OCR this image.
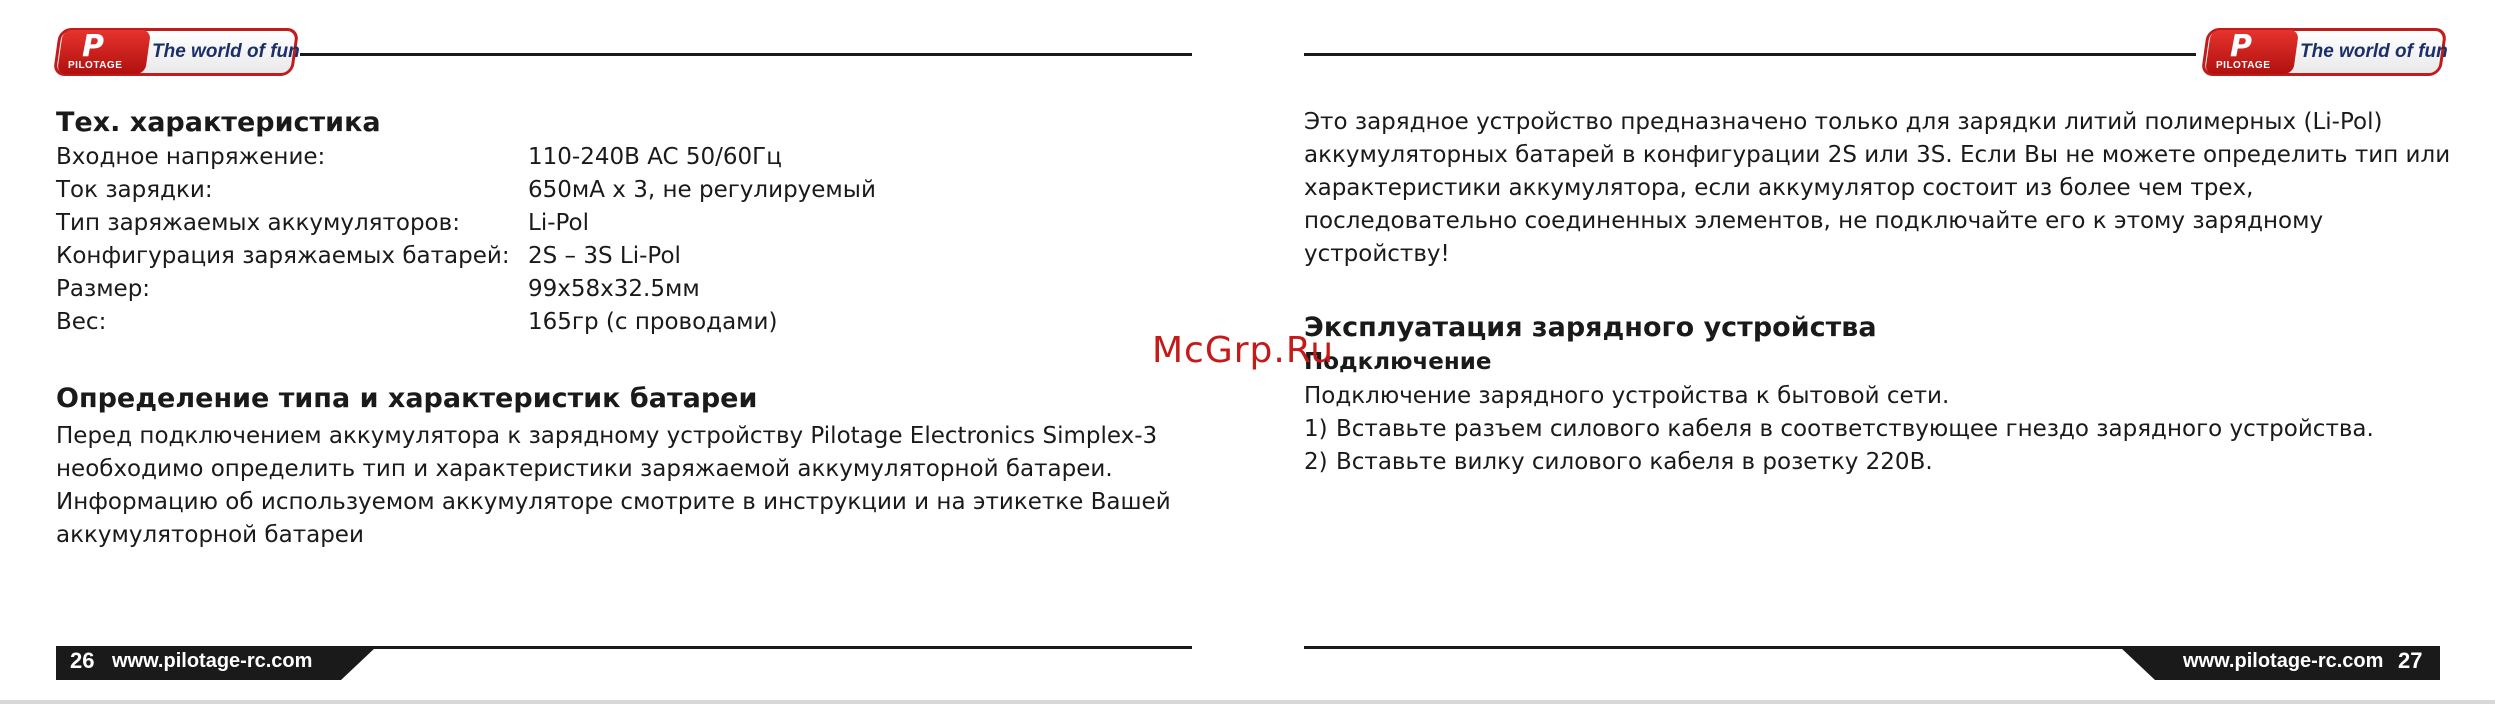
P
PILOTAGE
The world of fun
Тех. характеристика
Входное напряжение:	110-240В AC 50/60Гц
Ток зарядки:	650мА x 3, не регулируемый
Тип заряжаемых аккумуляторов:	Li-Pol
Конфигурация заряжаемых батарей:	2S – 3S Li-Pol
Размер:	99x58x32.5мм
Вес:	165гр (с проводами)
Определение типа и характеристик батареи
Перед подключением аккумулятора к зарядному устройству Pilotage Electronics Simplex-3
необходимо определить тип и характеристики заряжаемой аккумуляторной батареи.
Информацию об используемом аккумуляторе смотрите в инструкции и на этикетке Вашей
аккумуляторной батареи
26 www.pilotage-rc.com
P
PILOTAGE
The world of fun
Это зарядное устройство предназначено только для зарядки литий полимерных (Li-Pol)
аккумуляторных батарей в конфигурации 2S или 3S. Если Вы не можете определить тип или
характеристики аккумулятора, если аккумулятор состоит из более чем трех,
последовательно соединенных элементов, не подключайте его к этому зарядному
устройству!
Эксплуатация зарядного устройства
Подключение
Подключение зарядного устройства к бытовой сети.
1) Вставьте разъем силового кабеля в соответствующее гнездо зарядного устройства.
2) Вставьте вилку силового кабеля в розетку 220В.
www.pilotage-rc.com 27
McGrp.Ru
